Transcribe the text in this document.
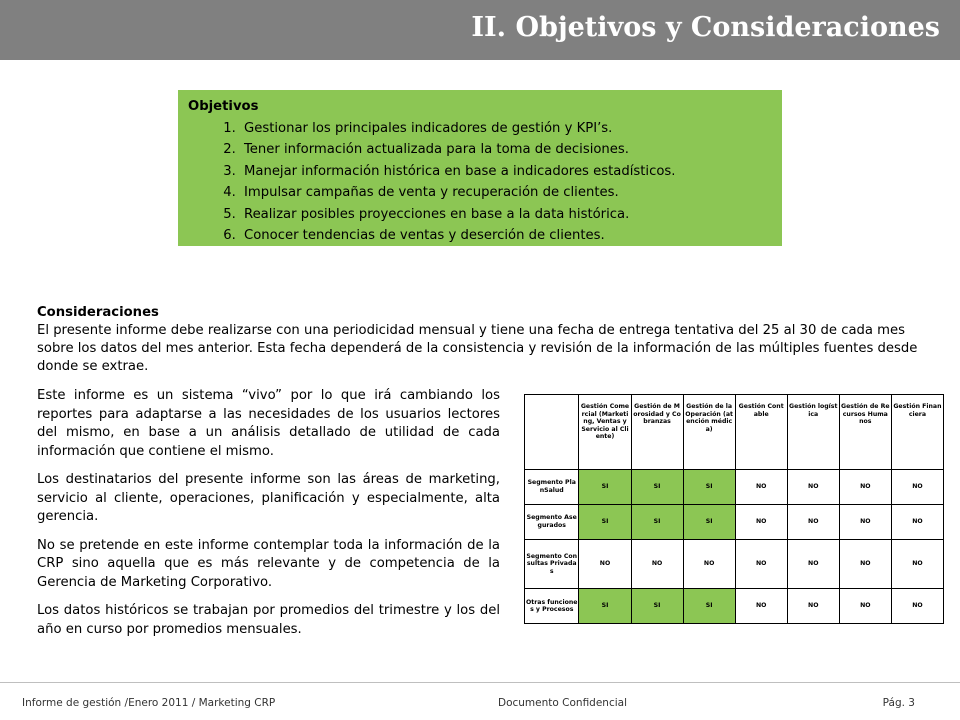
II. Objetivos y Consideraciones
Objetivos
1. Gestionar los principales indicadores de gestión y KPI’s.
2. Tener información actualizada para la toma de decisiones.
3. Manejar información histórica en base a indicadores estadísticos.
4. Impulsar campañas de venta y recuperación de clientes.
5. Realizar posibles proyecciones en base a la data histórica.
6. Conocer tendencias de ventas y deserción de clientes.
Consideraciones
El presente informe debe realizarse con una periodicidad mensual y tiene una fecha de entrega tentativa del 25 al 30 de cada mes sobre los datos del mes anterior. Esta fecha dependerá de la consistencia y revisión de la información de las múltiples fuentes desde donde se extrae.

Este informe es un sistema “vivo” por lo que irá cambiando los reportes para adaptarse a las necesidades de los usuarios lectores del mismo, en base a un análisis detallado de utilidad de cada información que contiene el mismo.

Los destinatarios del presente informe son las áreas de marketing, servicio al cliente, operaciones, planificación y especialmente, alta gerencia.

No se pretende en este informe contemplar toda la información de la CRP sino aquella que es más relevante y de competencia de la Gerencia de Marketing Corporativo.

Los datos históricos se trabajan por promedios del trimestre y los del año en curso por promedios mensuales.

	Gestión Comercial (Marketing, Ventas y Servicio al Cliente)	Gestión de Morosidad y Cobranzas	Gestión de la Operación (atención médica)	Gestión Contable	Gestión logística	Gestión de Recursos Humanos	Gestión Financiera
Segmento PlanSalud	SI	SI	SI	NO	NO	NO	NO
Segmento Asegurados	SI	SI	SI	NO	NO	NO	NO
Segmento Consultas Privadas	NO	NO	NO	NO	NO	NO	NO
Otras funciones y Procesos	SI	SI	SI	NO	NO	NO	NO
Informe de gestión /Enero 2011 / Marketing CRP	Documento Confidencial	Pág. 3
